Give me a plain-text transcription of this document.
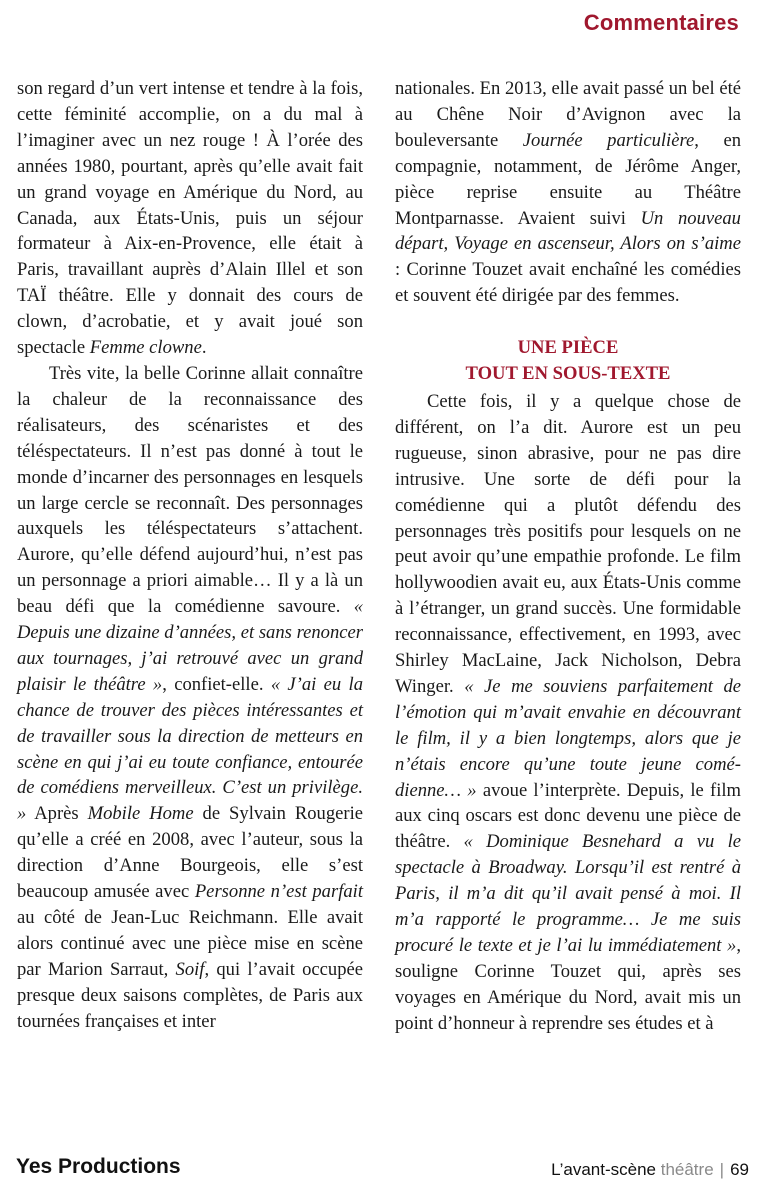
Commentaires

son regard d’un vert intense et tendre à la fois, cette féminité accomplie, on a du mal à l’imaginer avec un nez rouge ! À l’orée des années 1980, pourtant, après qu’elle avait fait un grand voyage en Amérique du Nord, au Canada, aux États-Unis, puis un séjour formateur à Aix-en-Provence, elle était à Paris, travaillant auprès d’Alain Illel et son TAÏ théâtre. Elle y donnait des cours de clown, d’acrobatie, et y avait joué son spectacle Femme clowne.

Très vite, la belle Corinne allait connaître la chaleur de la reconnaissance des réalisateurs, des scénaristes et des téléspectateurs. Il n’est pas donné à tout le monde d’incarner des personnages en lesquels un large cercle se reconnaît. Des personnages auxquels les téléspectateurs s’attachent. Aurore, qu’elle défend aujourd’hui, n’est pas un personnage a priori aimable… Il y a là un beau défi que la comédienne savoure. « Depuis une dizaine d’années, et sans renoncer aux tournages, j’ai retrouvé avec un grand plaisir le théâtre », confiet-elle. « J’ai eu la chance de trouver des pièces intéressantes et de travailler sous la direction de metteurs en scène en qui j’ai eu toute confiance, entourée de comédiens merveilleux. C’est un privilège. » Après Mobile Home de Sylvain Rougerie qu’elle a créé en 2008, avec l’auteur, sous la direction d’Anne Bourgeois, elle s’est beaucoup amusée avec Personne n’est parfait au côté de Jean-Luc Reichmann. Elle avait alors continué avec une pièce mise en scène par Marion Sarraut, Soif, qui l’avait occupée presque deux saisons complètes, de Paris aux tournées françaises et inter

nationales. En 2013, elle avait passé un bel été au Chêne Noir d’Avignon avec la bouleversante Journée particulière, en compagnie, notamment, de Jérôme Anger, pièce reprise ensuite au Théâtre Montparnasse. Avaient suivi Un nouveau départ, Voyage en ascenseur, Alors on s’aime : Corinne Touzet avait enchaîné les comédies et souvent été dirigée par des femmes.

UNE PIÈCE
TOUT EN SOUS-TEXTE

Cette fois, il y a quelque chose de différent, on l’a dit. Aurore est un peu rugueuse, sinon abrasive, pour ne pas dire intrusive. Une sorte de défi pour la comédienne qui a plutôt défendu des personnages très positifs pour lesquels on ne peut avoir qu’une empathie profonde. Le film hollywoodien avait eu, aux États-Unis comme à l’étranger, un grand succès. Une formidable reconnaissance, effectivement, en 1993, avec Shirley MacLaine, Jack Nicholson, Debra Winger. « Je me souviens parfaitement de l’émotion qui m’avait envahie en découvrant le film, il y a bien longtemps, alors que je n’étais encore qu’une toute jeune comédienne… » avoue l’interprète. Depuis, le film aux cinq oscars est donc devenu une pièce de théâtre. « Dominique Besnehard a vu le spectacle à Broadway. Lorsqu’il est rentré à Paris, il m’a dit qu’il avait pensé à moi. Il m’a rapporté le programme… Je me suis procuré le texte et je l’ai lu immédiatement », souligne Corinne Touzet qui, après ses voyages en Amérique du Nord, avait mis un point d’honneur à reprendre ses études et à

Yes Productions	L’avant-scène théâtre | 69
